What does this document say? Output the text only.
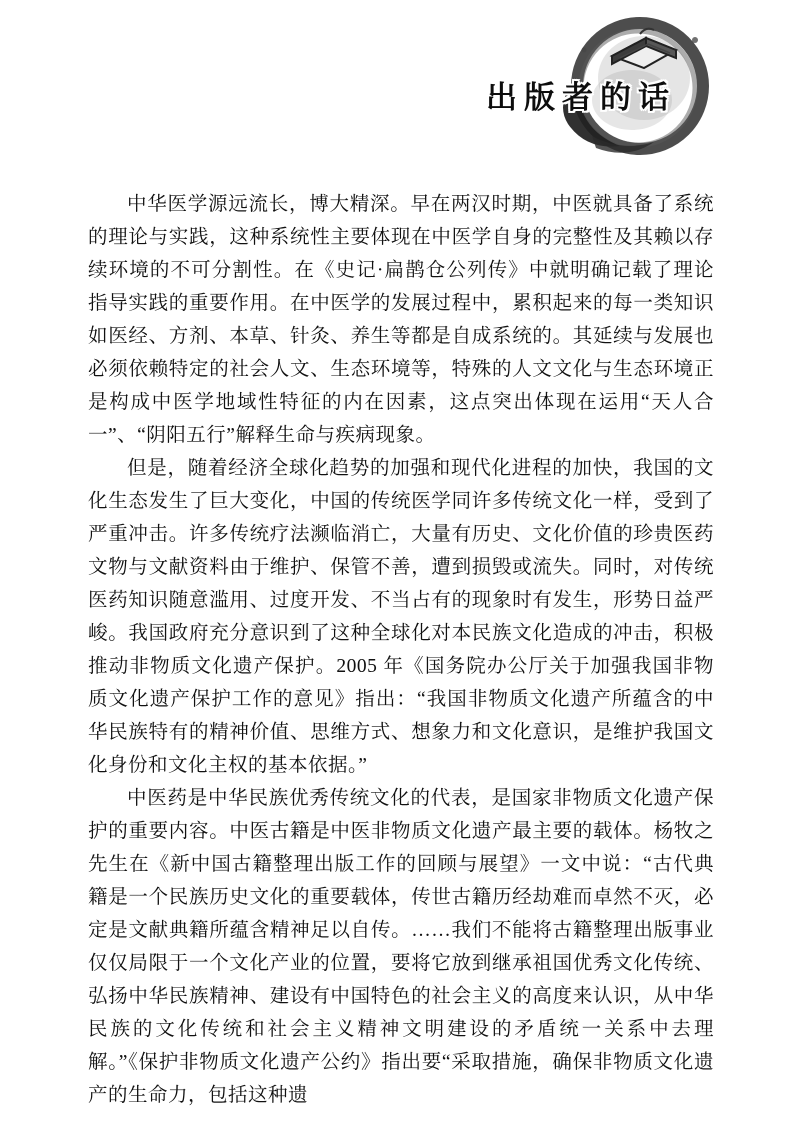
出版者的话

中华医学源远流长，博大精深。早在两汉时期，中医就具备了系统的理论与实践，这种系统性主要体现在中医学自身的完整性及其赖以存续环境的不可分割性。在《史记·扁鹊仓公列传》中就明确记载了理论指导实践的重要作用。在中医学的发展过程中，累积起来的每一类知识如医经、方剂、本草、针灸、养生等都是自成系统的。其延续与发展也必须依赖特定的社会人文、生态环境等，特殊的人文文化与生态环境正是构成中医学地域性特征的内在因素，这点突出体现在运用“天人合一”、“阴阳五行”解释生命与疾病现象。

但是，随着经济全球化趋势的加强和现代化进程的加快，我国的文化生态发生了巨大变化，中国的传统医学同许多传统文化一样，受到了严重冲击。许多传统疗法濒临消亡，大量有历史、文化价值的珍贵医药文物与文献资料由于维护、保管不善，遭到损毁或流失。同时，对传统医药知识随意滥用、过度开发、不当占有的现象时有发生，形势日益严峻。我国政府充分意识到了这种全球化对本民族文化造成的冲击，积极推动非物质文化遗产保护。2005 年《国务院办公厅关于加强我国非物质文化遗产保护工作的意见》指出：“我国非物质文化遗产所蕴含的中华民族特有的精神价值、思维方式、想象力和文化意识，是维护我国文化身份和文化主权的基本依据。”

中医药是中华民族优秀传统文化的代表，是国家非物质文化遗产保护的重要内容。中医古籍是中医非物质文化遗产最主要的载体。杨牧之先生在《新中国古籍整理出版工作的回顾与展望》一文中说：“古代典籍是一个民族历史文化的重要载体，传世古籍历经劫难而卓然不灭，必定是文献典籍所蕴含精神足以自传。……我们不能将古籍整理出版事业仅仅局限于一个文化产业的位置，要将它放到继承祖国优秀文化传统、弘扬中华民族精神、建设有中国特色的社会主义的高度来认识，从中华民族的文化传统和社会主义精神文明建设的矛盾统一关系中去理解。”《保护非物质文化遗产公约》指出要“采取措施，确保非物质文化遗产的生命力，包括这种遗
